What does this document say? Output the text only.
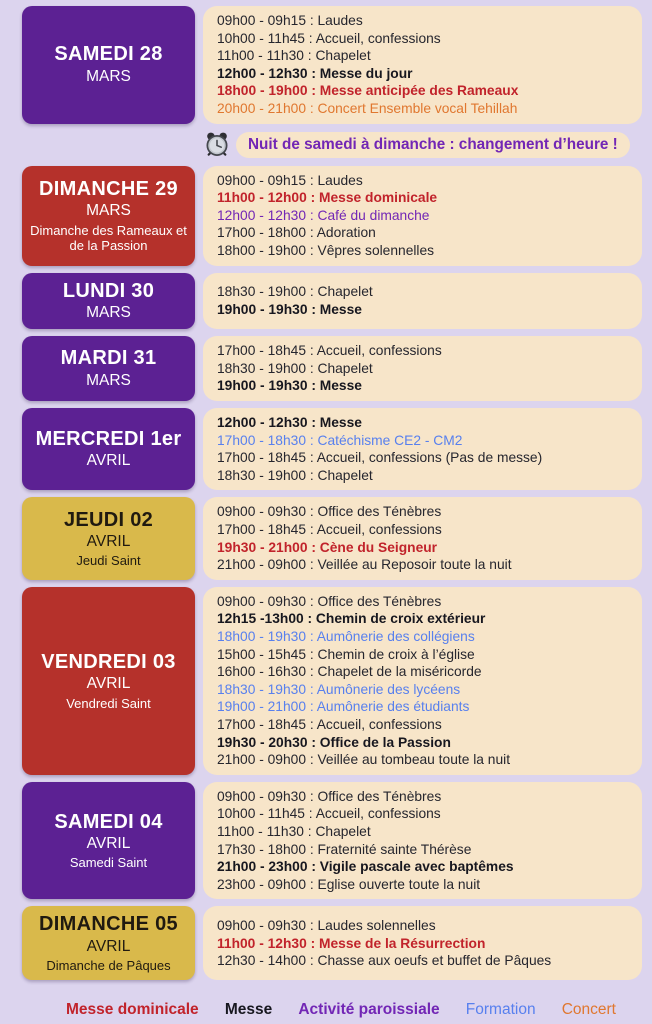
SAMEDI 28
MARS
09h00 - 09h15 : Laudes
10h00 - 11h45 : Accueil, confessions
11h00 - 11h30 : Chapelet
12h00 - 12h30 : Messe du jour
18h00 - 19h00 : Messe anticipée des Rameaux
20h00 - 21h00 : Concert Ensemble vocal Tehillah
Nuit de samedi à dimanche : changement d’heure !
DIMANCHE 29
MARS
Dimanche des Rameaux et de la Passion
09h00 - 09h15 : Laudes
11h00 - 12h00 : Messe dominicale
12h00 - 12h30 : Café du dimanche
17h00 - 18h00 : Adoration
18h00 - 19h00 : Vêpres solennelles
LUNDI 30
MARS
18h30 - 19h00 : Chapelet
19h00 - 19h30 : Messe
MARDI 31
MARS
17h00 - 18h45 : Accueil, confessions
18h30 - 19h00 : Chapelet
19h00 - 19h30 : Messe
MERCREDI 1er
AVRIL
12h00 - 12h30 : Messe
17h00 - 18h30 : Catéchisme CE2 - CM2
17h00 - 18h45 : Accueil, confessions (Pas de messe)
18h30 - 19h00 : Chapelet
JEUDI 02
AVRIL
Jeudi Saint
09h00 - 09h30 : Office des Ténèbres
17h00 - 18h45 : Accueil, confessions
19h30 - 21h00 : Cène du Seigneur
21h00 - 09h00 : Veillée au Reposoir toute la nuit
VENDREDI 03
AVRIL
Vendredi Saint
09h00 - 09h30 : Office des Ténèbres
12h15 -13h00 : Chemin de croix extérieur
18h00 - 19h30 : Aumônerie des collégiens
15h00 - 15h45 : Chemin de croix à l’église
16h00 - 16h30 : Chapelet de la miséricorde
18h30 - 19h30 : Aumônerie des lycéens
19h00 - 21h00 : Aumônerie des étudiants
17h00 - 18h45 : Accueil, confessions
19h30 - 20h30 : Office de la Passion
21h00 - 09h00 : Veillée au tombeau toute la nuit
SAMEDI 04
AVRIL
Samedi Saint
09h00 - 09h30 : Office des Ténèbres
10h00 - 11h45 : Accueil, confessions
11h00 - 11h30 : Chapelet
17h30 - 18h00 : Fraternité sainte Thérèse
21h00 - 23h00 : Vigile pascale avec baptêmes
23h00 - 09h00 : Eglise ouverte toute la nuit
DIMANCHE 05
AVRIL
Dimanche de Pâques
09h00 - 09h30 : Laudes solennelles
11h00 - 12h30 : Messe de la Résurrection
12h30 - 14h00 : Chasse aux oeufs et buffet de Pâques
Messe dominicale Messe Activité paroissiale Formation Concert
